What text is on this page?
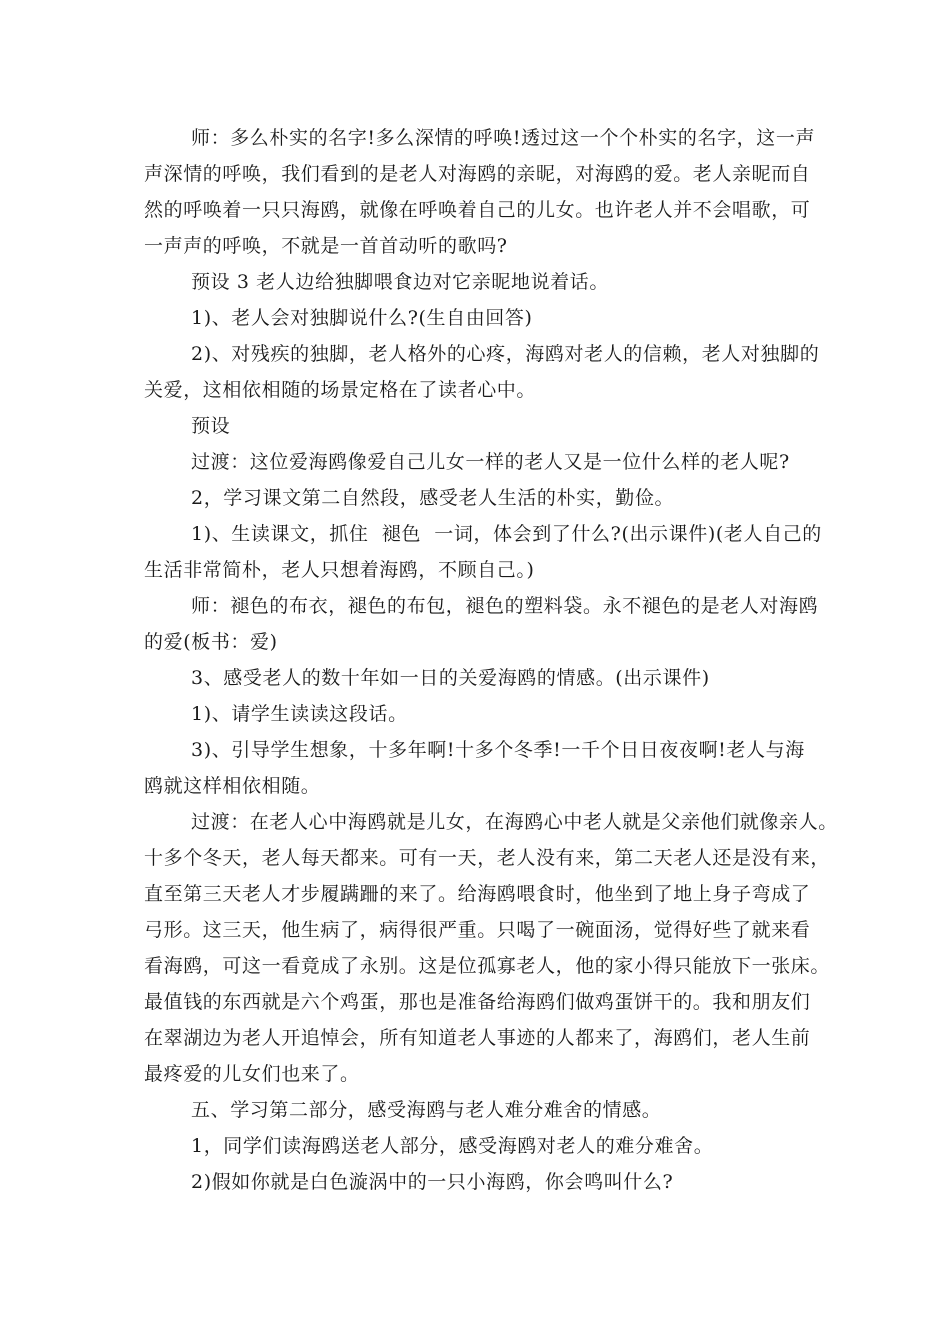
师：多么朴实的名字!多么深情的呼唤!透过这一个个朴实的名字，这一声
声深情的呼唤，我们看到的是老人对海鸥的亲昵，对海鸥的爱。老人亲昵而自
然的呼唤着一只只海鸥，就像在呼唤着自己的儿女。也许老人并不会唱歌，可
一声声的呼唤，不就是一首首动听的歌吗?
预设 3 老人边给独脚喂食边对它亲昵地说着话。
1)、老人会对独脚说什么?(生自由回答)
2)、对残疾的独脚，老人格外的心疼，海鸥对老人的信赖，老人对独脚的
关爱，这相依相随的场景定格在了读者心中。
预设
过渡：这位爱海鸥像爱自己儿女一样的老人又是一位什么样的老人呢?
2，学习课文第二自然段，感受老人生活的朴实，勤俭。
1)、生读课文，抓住  褪色  一词，体会到了什么?(出示课件)(老人自己的
生活非常简朴，老人只想着海鸥，不顾自己。)
师：褪色的布衣，褪色的布包，褪色的塑料袋。永不褪色的是老人对海鸥
的爱(板书：爱)
3、感受老人的数十年如一日的关爱海鸥的情感。(出示课件)
1)、请学生读读这段话。
3)、引导学生想象，十多年啊!十多个冬季!一千个日日夜夜啊!老人与海
鸥就这样相依相随。
过渡：在老人心中海鸥就是儿女，在海鸥心中老人就是父亲他们就像亲人。
十多个冬天，老人每天都来。可有一天，老人没有来，第二天老人还是没有来，
直至第三天老人才步履蹒跚的来了。给海鸥喂食时，他坐到了地上身子弯成了
弓形。这三天，他生病了，病得很严重。只喝了一碗面汤，觉得好些了就来看
看海鸥，可这一看竟成了永别。这是位孤寡老人，他的家小得只能放下一张床。
最值钱的东西就是六个鸡蛋，那也是准备给海鸥们做鸡蛋饼干的。我和朋友们
在翠湖边为老人开追悼会，所有知道老人事迹的人都来了，海鸥们，老人生前
最疼爱的儿女们也来了。
五、学习第二部分，感受海鸥与老人难分难舍的情感。
1，同学们读海鸥送老人部分，感受海鸥对老人的难分难舍。
2)假如你就是白色漩涡中的一只小海鸥，你会鸣叫什么?
